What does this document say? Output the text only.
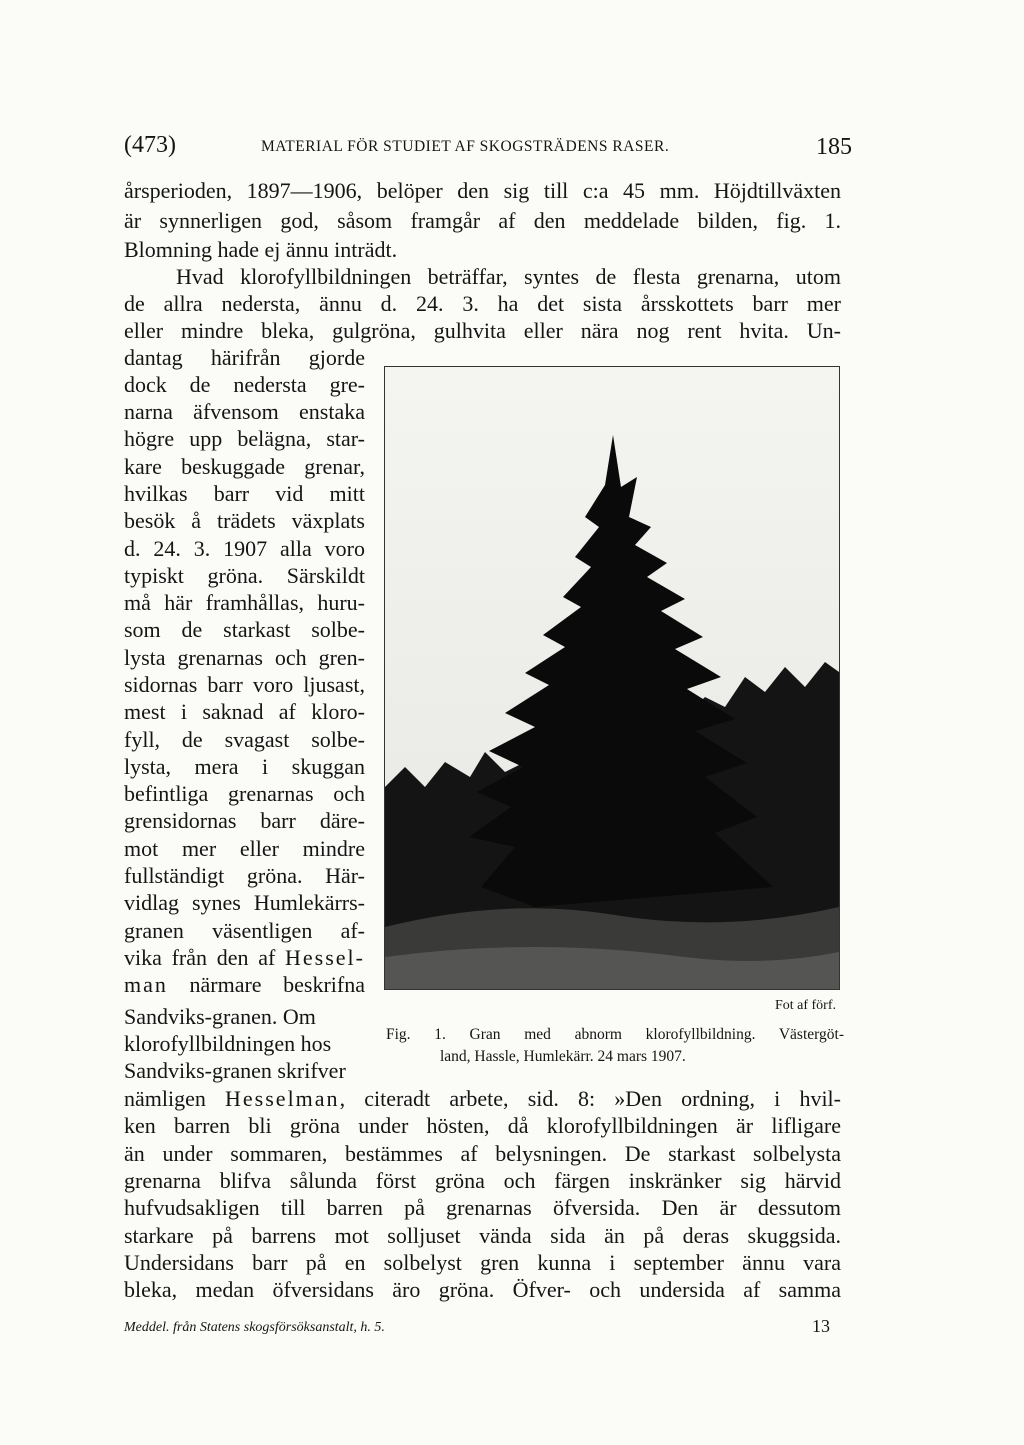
(473)	MATERIAL FÖR STUDIET AF SKOGSTRÄDENS RASER.	185
årsperioden, 1897—1906, belöper den sig till c:a 45 mm. Höjdtillväxten
är synnerligen god, såsom framgår af den meddelade bilden, fig. 1.
Blomning hade ej ännu inträdt.
Hvad klorofyllbildningen beträffar, syntes de flesta grenarna, utom
de allra nedersta, ännu d. 24. 3. ha det sista årsskottets barr mer
eller mindre bleka, gulgröna, gulhvita eller nära nog rent hvita. Un-
dantag härifrån gjorde
dock de nedersta gre-
narna äfvensom enstaka
högre upp belägna, star-
kare beskuggade grenar,
hvilkas barr vid mitt
besök å trädets växplats
d. 24. 3. 1907 alla voro
typiskt gröna. Särskildt
må här framhållas, huru-
som de starkast solbe-
lysta grenarnas och gren-
sidornas barr voro ljusast,
mest i saknad af kloro-
fyll, de svagast solbe-
lysta, mera i skuggan
befintliga grenarnas och
grensidornas barr däre-
mot mer eller mindre
fullständigt gröna. Här-
vidlag synes Humlekärrs-
granen väsentligen af-
vika från den af Hessel-
man närmare beskrifna
Sandviks-granen. Om
klorofyllbildningen hos
Sandviks-granen skrifver
nämligen Hesselman, citeradt arbete, sid. 8: »Den ordning, i hvil-
ken barren bli gröna under hösten, då klorofyllbildningen är lifligare
än under sommaren, bestämmes af belysningen. De starkast solbelysta
grenarna blifva sålunda först gröna och färgen inskränker sig härvid
hufvudsakligen till barren på grenarnas öfversida. Den är dessutom
starkare på barrens mot solljuset vända sida än på deras skuggsida.
Undersidans barr på en solbelyst gren kunna i september ännu vara
bleka, medan öfversidans äro gröna. Öfver- och undersida af samma
Fot af förf.
Fig. 1. Gran med abnorm klorofyllbildning. Västergöt-
land, Hassle, Humlekärr. 24 mars 1907.
Meddel. från Statens skogsförsöksanstalt, h. 5.	13
